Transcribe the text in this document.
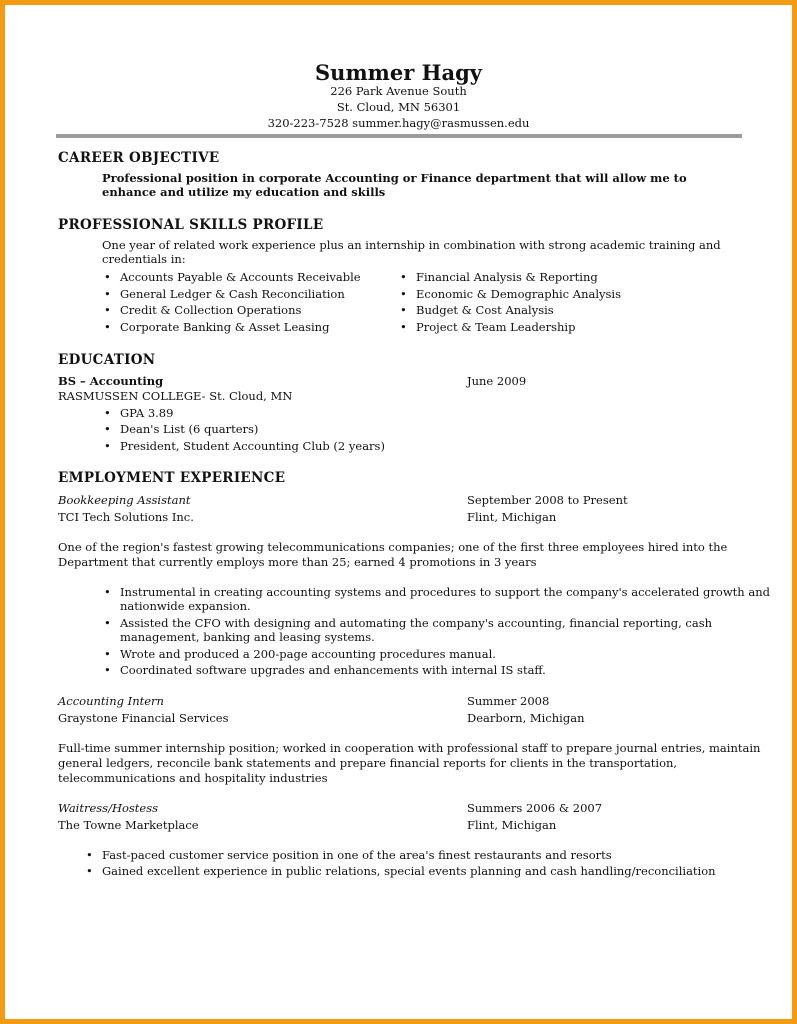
Summer Hagy
226 Park Avenue South
St. Cloud, MN 56301
320-223-7528 summer.hagy@rasmussen.edu
CAREER OBJECTIVE
Professional position in corporate Accounting or Finance department that will allow me to
enhance and utilize my education and skills
PROFESSIONAL SKILLS PROFILE
One year of related work experience plus an internship in combination with strong academic training and
credentials in:
• Accounts Payable & Accounts Receivable
• General Ledger & Cash Reconciliation
• Credit & Collection Operations
• Corporate Banking & Asset Leasing
• Financial Analysis & Reporting
• Economic & Demographic Analysis
• Budget & Cost Analysis
• Project & Team Leadership
EDUCATION
BS – Accounting	June 2009
RASMUSSEN COLLEGE- St. Cloud, MN
• GPA 3.89
• Dean's List (6 quarters)
• President, Student Accounting Club (2 years)
EMPLOYMENT EXPERIENCE
Bookkeeping Assistant	September 2008 to Present
TCI Tech Solutions Inc.	Flint, Michigan
One of the region's fastest growing telecommunications companies; one of the first three employees hired into the
Department that currently employs more than 25; earned 4 promotions in 3 years
• Instrumental in creating accounting systems and procedures to support the company's accelerated growth and
nationwide expansion.
• Assisted the CFO with designing and automating the company's accounting, financial reporting, cash
management, banking and leasing systems.
• Wrote and produced a 200-page accounting procedures manual.
• Coordinated software upgrades and enhancements with internal IS staff.
Accounting Intern	Summer 2008
Graystone Financial Services	Dearborn, Michigan
Full-time summer internship position; worked in cooperation with professional staff to prepare journal entries, maintain
general ledgers, reconcile bank statements and prepare financial reports for clients in the transportation,
telecommunications and hospitality industries
Waitress/Hostess	Summers 2006 & 2007
The Towne Marketplace	Flint, Michigan
• Fast-paced customer service position in one of the area's finest restaurants and resorts
• Gained excellent experience in public relations, special events planning and cash handling/reconciliation
